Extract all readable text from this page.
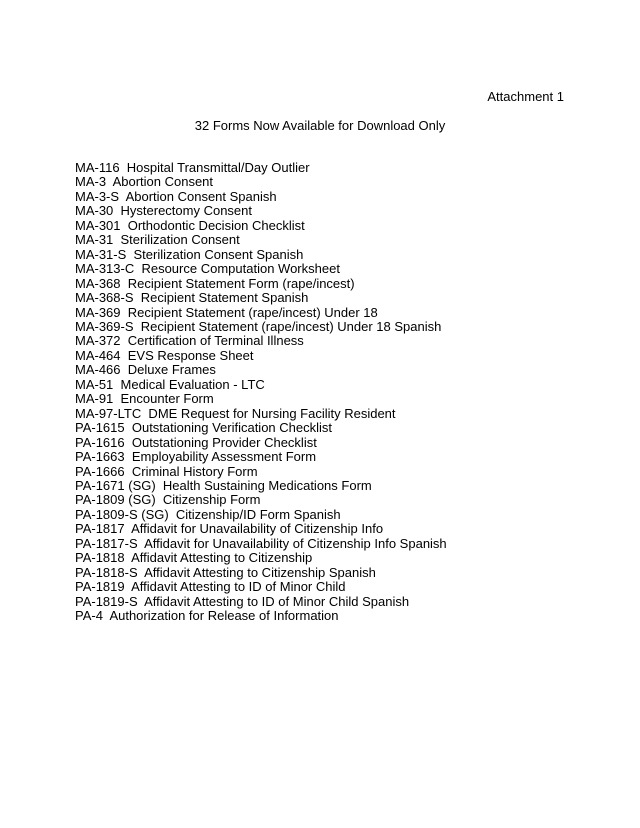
Attachment 1
32 Forms Now Available for Download Only
MA-116  Hospital Transmittal/Day Outlier
MA-3  Abortion Consent
MA-3-S  Abortion Consent Spanish
MA-30  Hysterectomy Consent
MA-301  Orthodontic Decision Checklist
MA-31  Sterilization Consent
MA-31-S  Sterilization Consent Spanish
MA-313-C  Resource Computation Worksheet
MA-368  Recipient Statement Form (rape/incest)
MA-368-S  Recipient Statement Spanish
MA-369  Recipient Statement (rape/incest) Under 18
MA-369-S  Recipient Statement (rape/incest) Under 18 Spanish
MA-372  Certification of Terminal Illness
MA-464  EVS Response Sheet
MA-466  Deluxe Frames
MA-51  Medical Evaluation - LTC
MA-91  Encounter Form
MA-97-LTC  DME Request for Nursing Facility Resident
PA-1615  Outstationing Verification Checklist
PA-1616  Outstationing Provider Checklist
PA-1663  Employability Assessment Form
PA-1666  Criminal History Form
PA-1671 (SG)  Health Sustaining Medications Form
PA-1809 (SG)  Citizenship Form
PA-1809-S (SG)  Citizenship/ID Form Spanish
PA-1817  Affidavit for Unavailability of Citizenship Info
PA-1817-S  Affidavit for Unavailability of Citizenship Info Spanish
PA-1818  Affidavit Attesting to Citizenship
PA-1818-S  Affidavit Attesting to Citizenship Spanish
PA-1819  Affidavit Attesting to ID of Minor Child
PA-1819-S  Affidavit Attesting to ID of Minor Child Spanish
PA-4  Authorization for Release of Information
